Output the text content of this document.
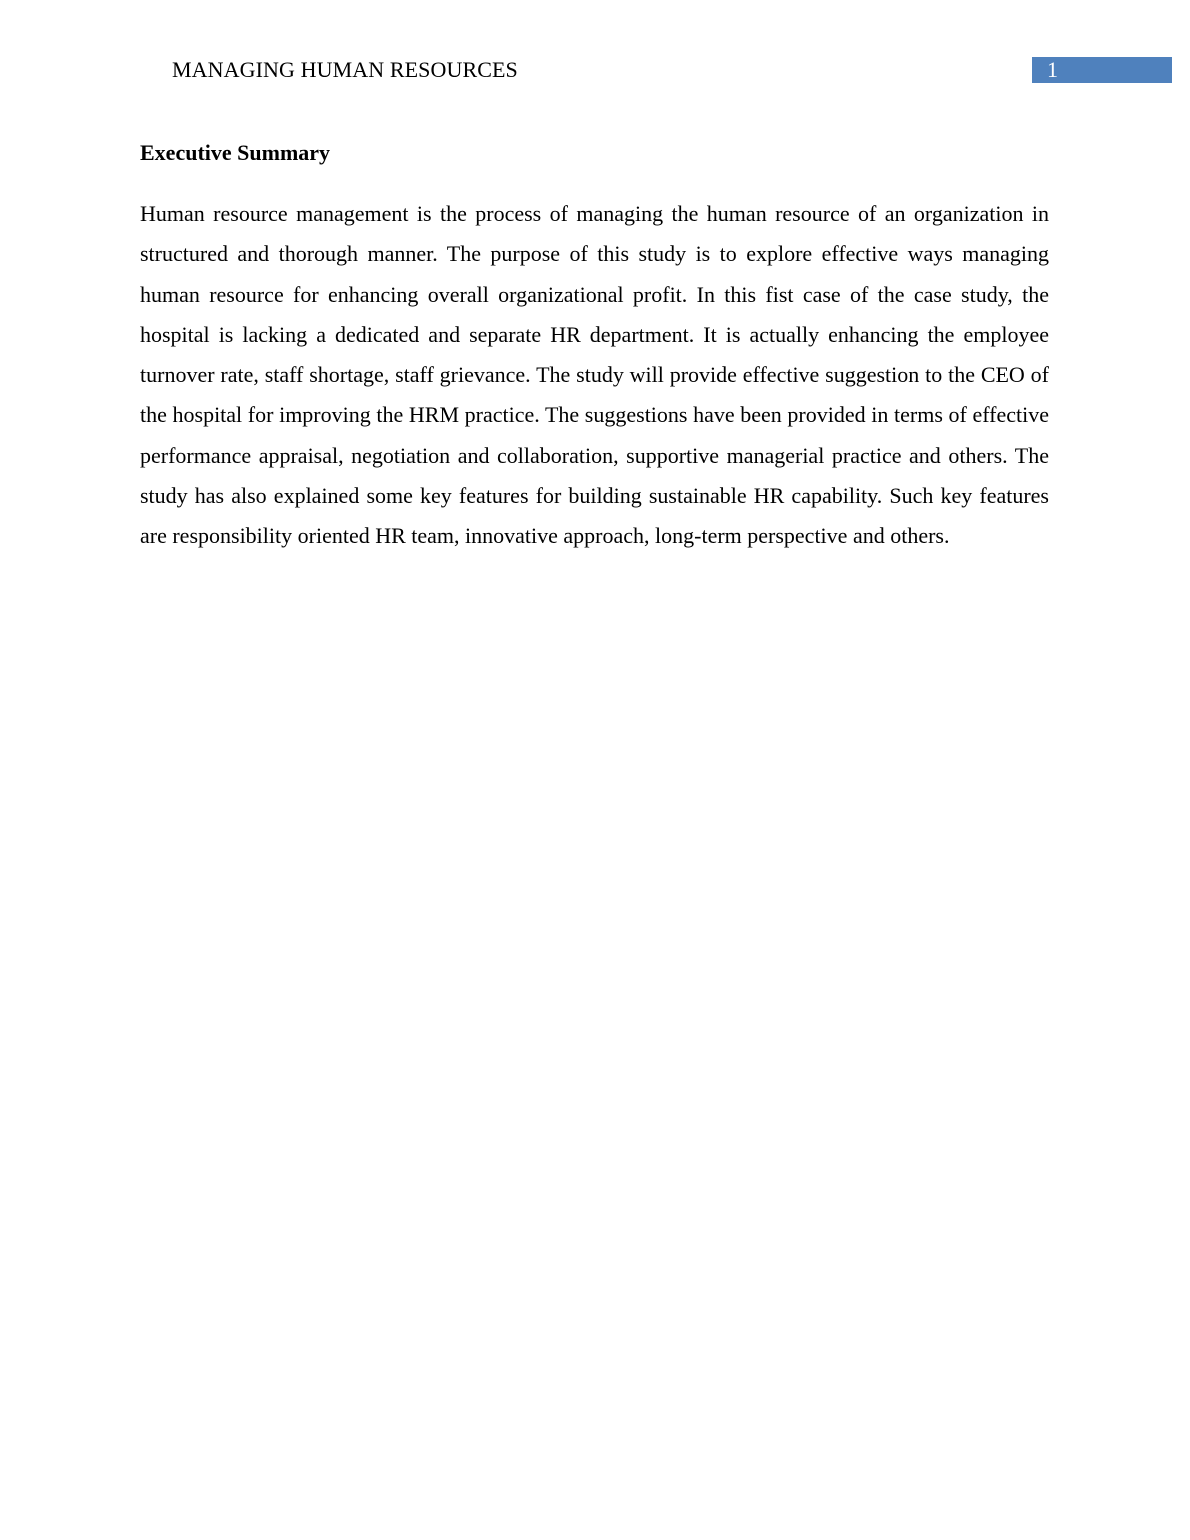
MANAGING HUMAN RESOURCES	1
Executive Summary

Human resource management is the process of managing the human resource of an organization in structured and thorough manner. The purpose of this study is to explore effective ways managing human resource for enhancing overall organizational profit. In this fist case of the case study, the hospital is lacking a dedicated and separate HR department. It is actually enhancing the employee turnover rate, staff shortage, staff grievance. The study will provide effective suggestion to the CEO of the hospital for improving the HRM practice. The suggestions have been provided in terms of effective performance appraisal, negotiation and collaboration, supportive managerial practice and others. The study has also explained some key features for building sustainable HR capability. Such key features are responsibility oriented HR team, innovative approach, long-term perspective and others.
